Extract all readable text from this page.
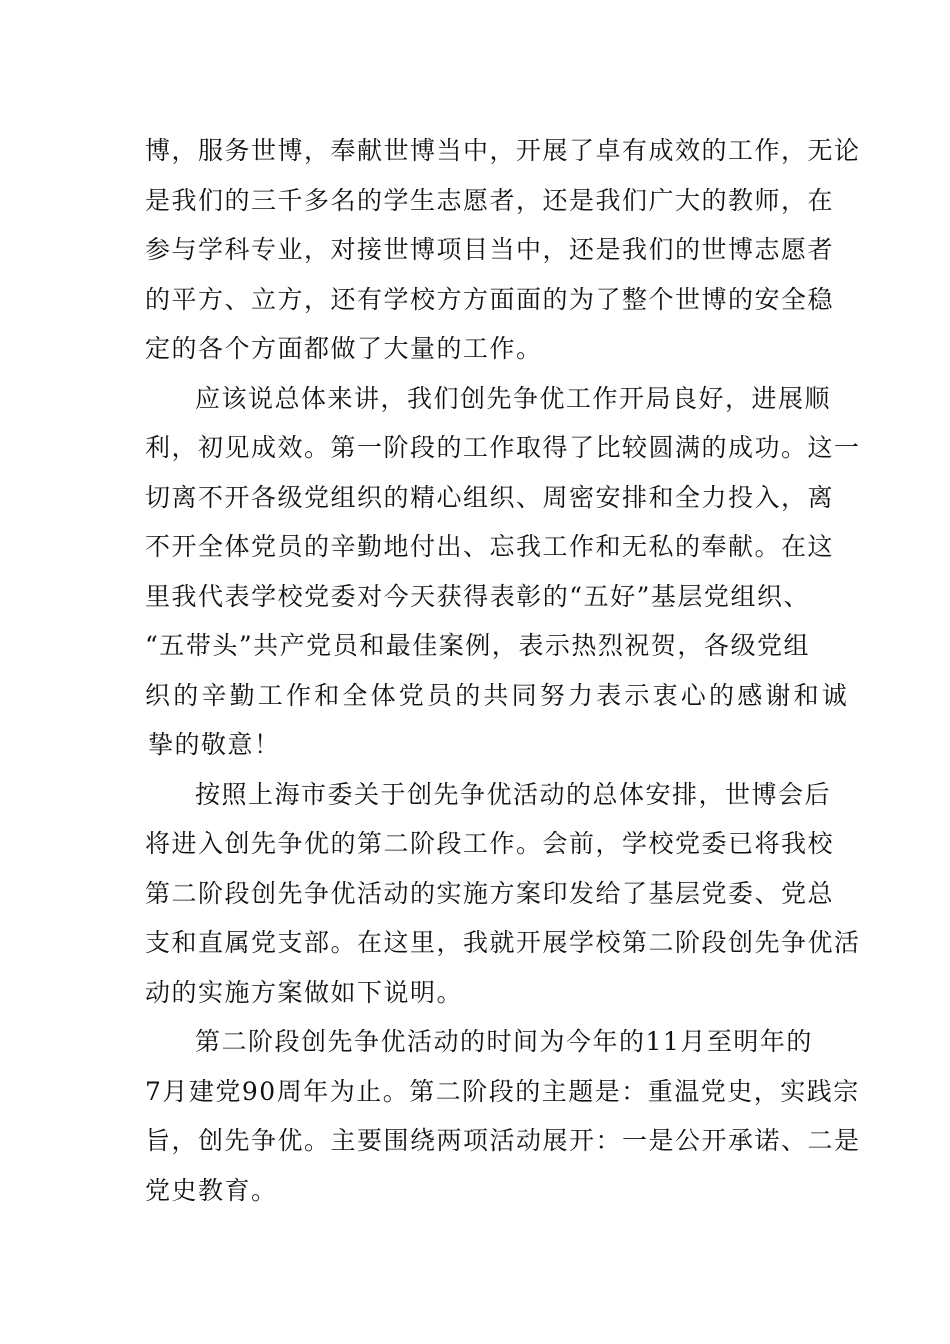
博，服务世博，奉献世博当中，开展了卓有成效的工作，无论
是我们的三千多名的学生志愿者，还是我们广大的教师，在
参与学科专业，对接世博项目当中，还是我们的世博志愿者
的平方、立方，还有学校方方面面的为了整个世博的安全稳
定的各个方面都做了大量的工作。
应该说总体来讲，我们创先争优工作开局良好，进展顺
利，初见成效。第一阶段的工作取得了比较圆满的成功。这一
切离不开各级党组织的精心组织、周密安排和全力投入，离
不开全体党员的辛勤地付出、忘我工作和无私的奉献。在这
里我代表学校党委对今天获得表彰的“五好”基层党组织、
“五带头”共产党员和最佳案例，表示热烈祝贺，各级党组
织的辛勤工作和全体党员的共同努力表示衷心的感谢和诚
挚的敬意！
按照上海市委关于创先争优活动的总体安排，世博会后
将进入创先争优的第二阶段工作。会前，学校党委已将我校
第二阶段创先争优活动的实施方案印发给了基层党委、党总
支和直属党支部。在这里，我就开展学校第二阶段创先争优活
动的实施方案做如下说明。
第二阶段创先争优活动的时间为今年的11月至明年的
7月建党90周年为止。第二阶段的主题是：重温党史，实践宗
旨，创先争优。主要围绕两项活动展开：一是公开承诺、二是
党史教育。
